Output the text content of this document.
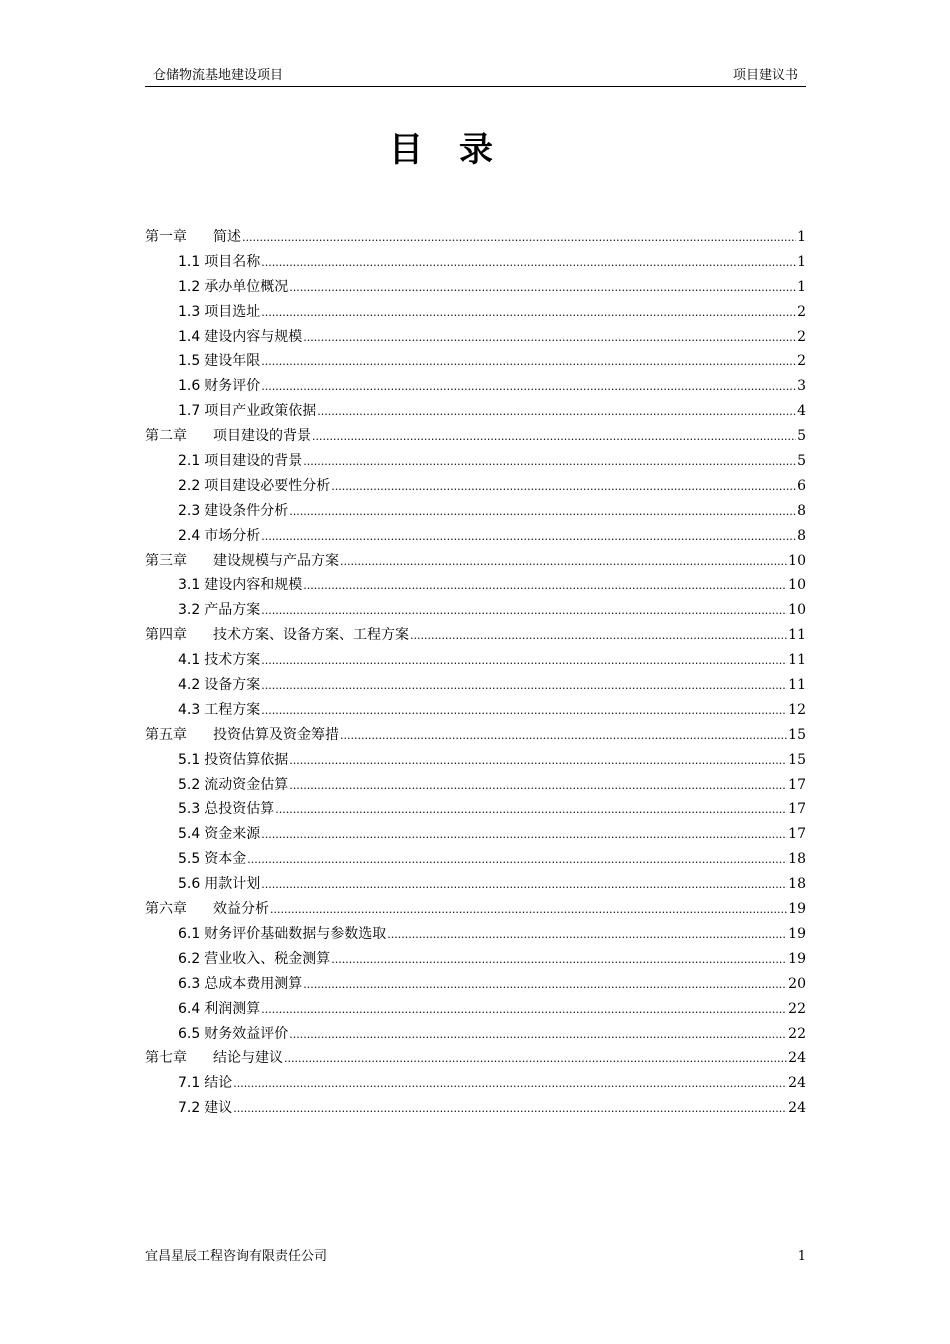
仓储物流基地建设项目	项目建议书
目录
第一章 简述 .....	1
1.1 项目名称 .....	1
1.2 承办单位概况 .....	1
1.3 项目选址 .....	2
1.4 建设内容与规模 .....	2
1.5 建设年限 .....	2
1.6 财务评价 .....	3
1.7 项目产业政策依据 .....	4
第二章 项目建设的背景 .....	5
2.1 项目建设的背景 .....	5
2.2 项目建设必要性分析 .....	6
2.3 建设条件分析 .....	8
2.4 市场分析 .....	8
第三章 建设规模与产品方案 .....	10
3.1 建设内容和规模 .....	10
3.2 产品方案 .....	10
第四章 技术方案、设备方案、工程方案 .....	11
4.1 技术方案 .....	11
4.2 设备方案 .....	11
4.3 工程方案 .....	12
第五章 投资估算及资金筹措 .....	15
5.1 投资估算依据 .....	15
5.2 流动资金估算 .....	17
5.3 总投资估算 .....	17
5.4 资金来源 .....	17
5.5 资本金 .....	18
5.6 用款计划 .....	18
第六章 效益分析 .....	19
6.1 财务评价基础数据与参数选取 .....	19
6.2 营业收入、税金测算 .....	19
6.3 总成本费用测算 .....	20
6.4 利润测算 .....	22
6.5 财务效益评价 .....	22
第七章 结论与建议 .....	24
7.1 结论 .....	24
7.2 建议 .....	24
宜昌星辰工程咨询有限责任公司	1
